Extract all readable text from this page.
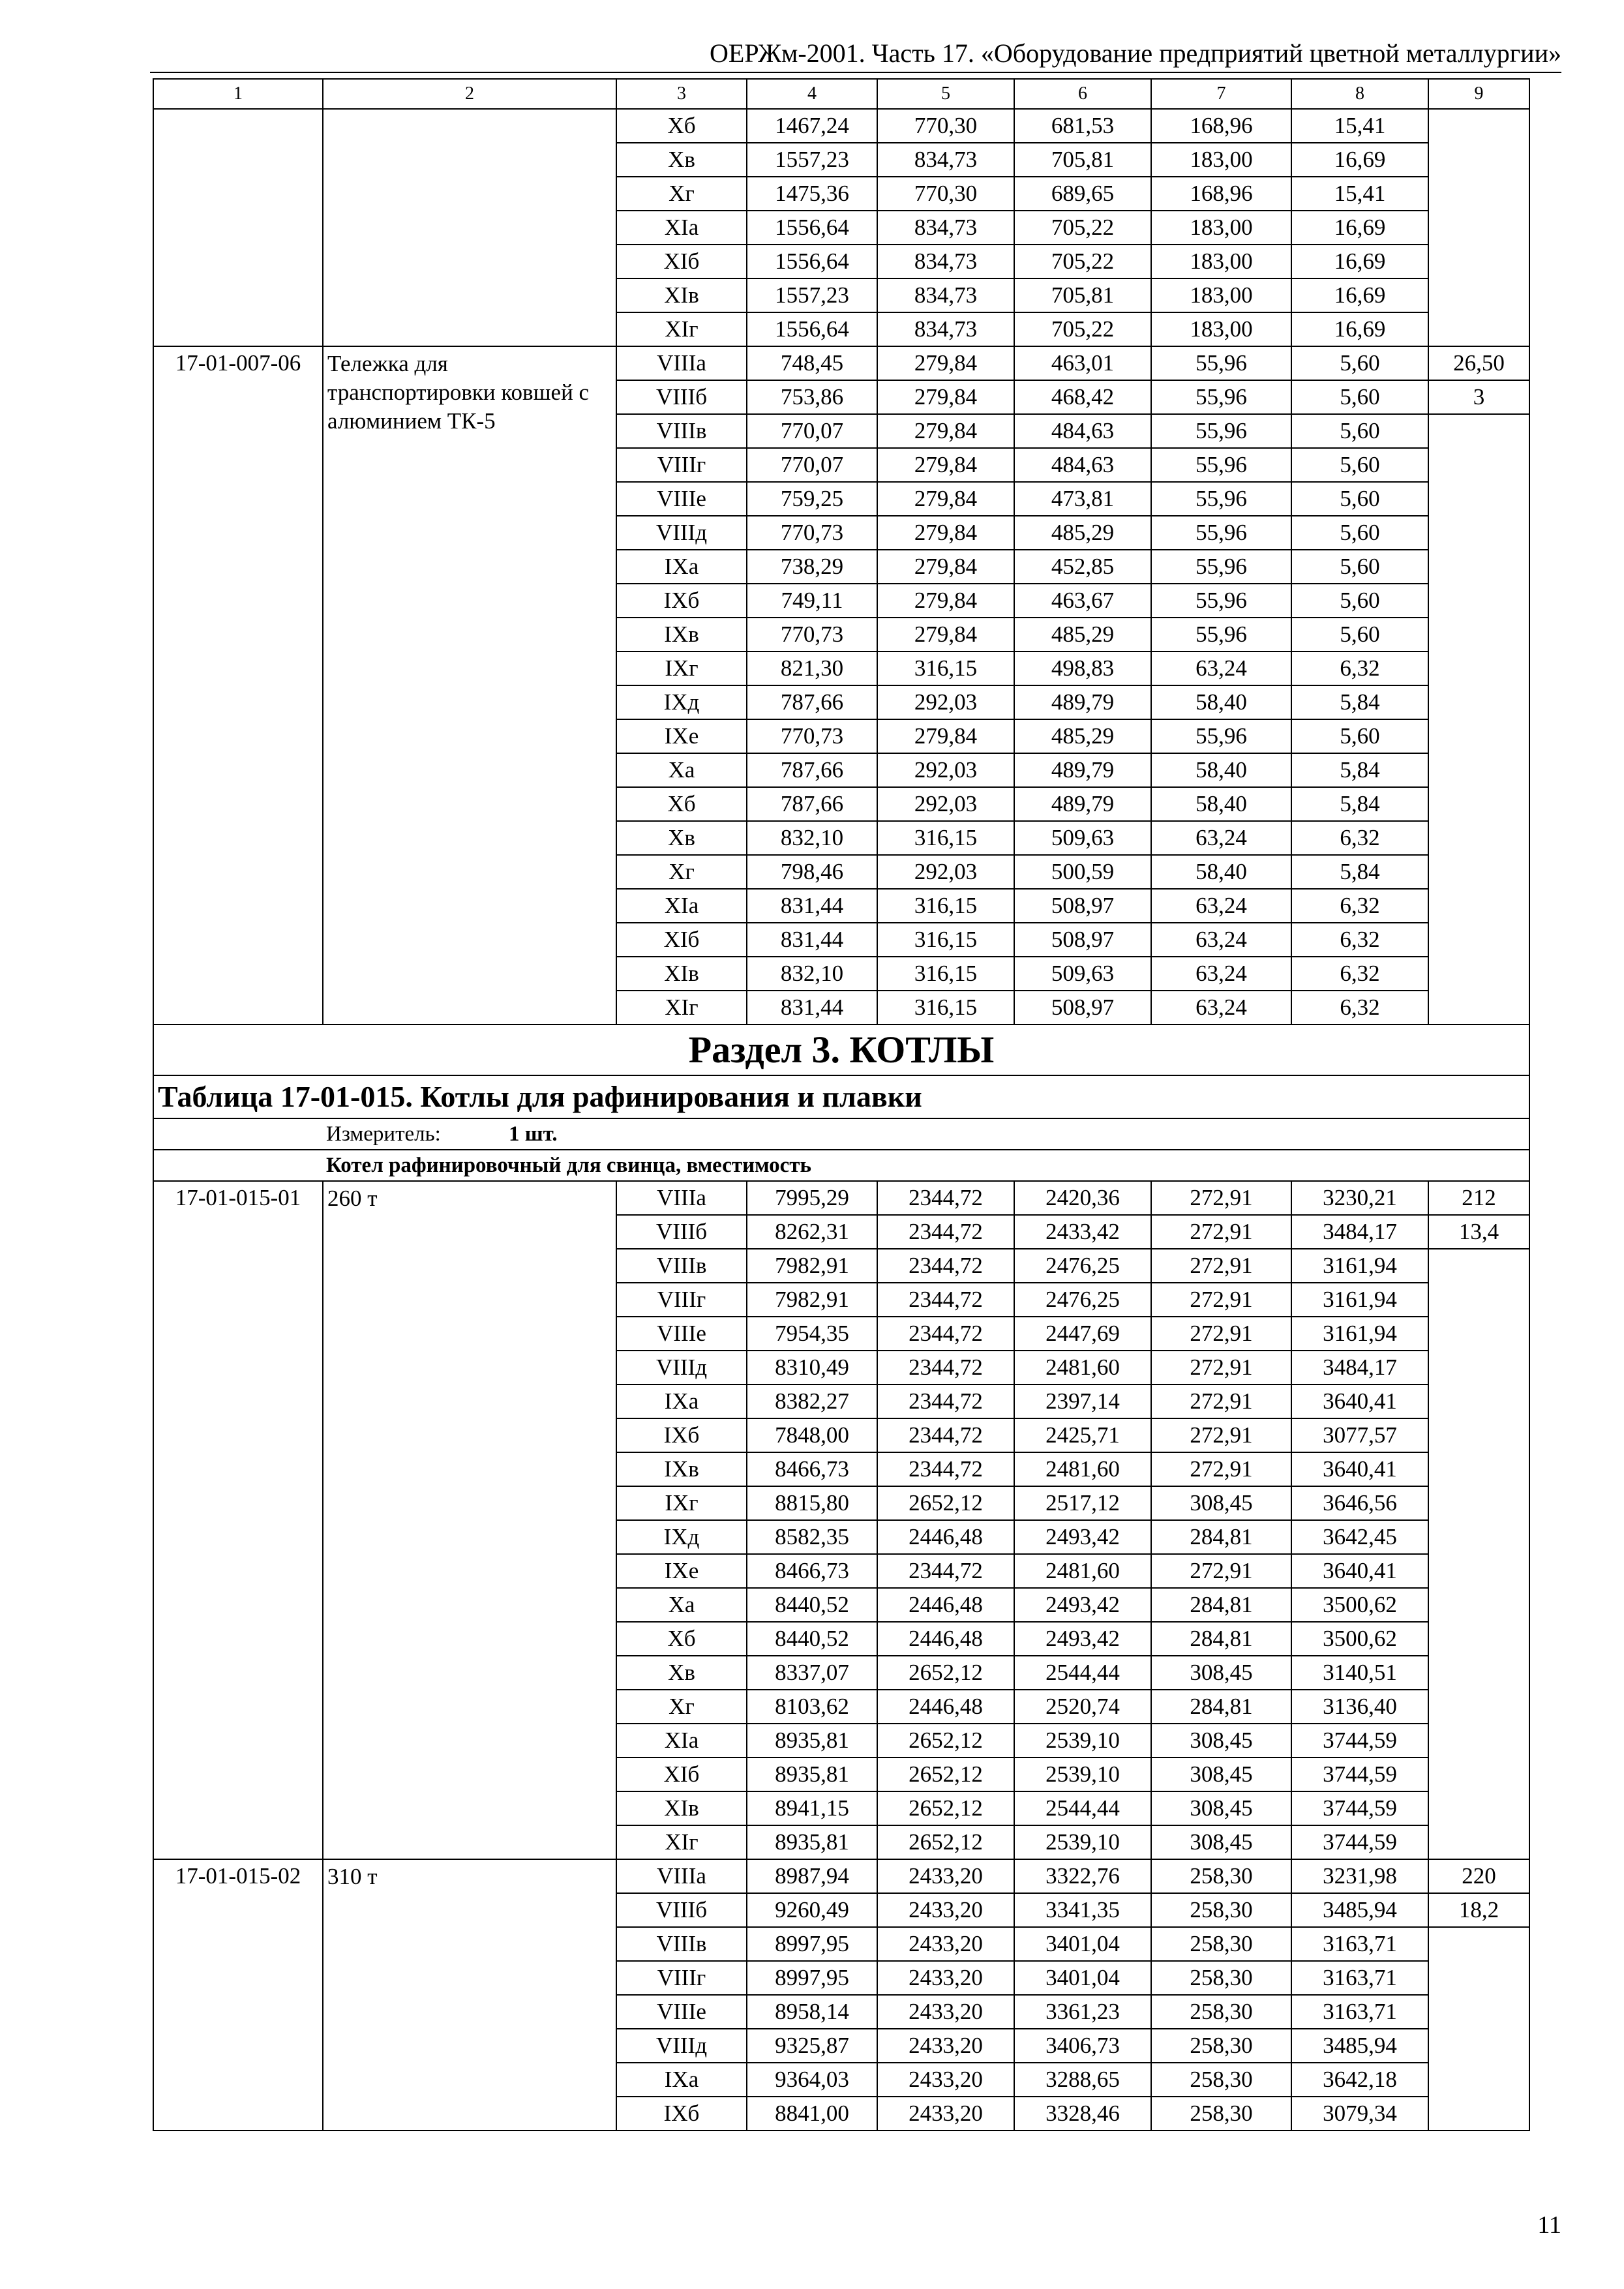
ОЕРЖм-2001. Часть 17. «Оборудование предприятий цветной металлургии»
1	2	3	4	5	6	7	8	9
		Xб	1467,24	770,30	681,53	168,96	15,41	
		Xв	1557,23	834,73	705,81	183,00	16,69	
		Xг	1475,36	770,30	689,65	168,96	15,41	
		XIа	1556,64	834,73	705,22	183,00	16,69	
		XIб	1556,64	834,73	705,22	183,00	16,69	
		XIв	1557,23	834,73	705,81	183,00	16,69	
		XIг	1556,64	834,73	705,22	183,00	16,69	
17-01-007-06	Тележка для транспортировки ковшей с алюминием ТК-5	VIIIа	748,45	279,84	463,01	55,96	5,60	26,50
		VIIIб	753,86	279,84	468,42	55,96	5,60	3
		VIIIв	770,07	279,84	484,63	55,96	5,60	
		VIIIг	770,07	279,84	484,63	55,96	5,60	
		VIIIе	759,25	279,84	473,81	55,96	5,60	
		VIIIд	770,73	279,84	485,29	55,96	5,60	
		IXа	738,29	279,84	452,85	55,96	5,60	
		IXб	749,11	279,84	463,67	55,96	5,60	
		IXв	770,73	279,84	485,29	55,96	5,60	
		IXг	821,30	316,15	498,83	63,24	6,32	
		IXд	787,66	292,03	489,79	58,40	5,84	
		IXе	770,73	279,84	485,29	55,96	5,60	
		Xа	787,66	292,03	489,79	58,40	5,84	
		Xб	787,66	292,03	489,79	58,40	5,84	
		Xв	832,10	316,15	509,63	63,24	6,32	
		Xг	798,46	292,03	500,59	58,40	5,84	
		XIа	831,44	316,15	508,97	63,24	6,32	
		XIб	831,44	316,15	508,97	63,24	6,32	
		XIв	832,10	316,15	509,63	63,24	6,32	
		XIг	831,44	316,15	508,97	63,24	6,32	
Раздел 3. КОТЛЫ								
Таблица 17-01-015. Котлы для рафинирования и плавки								
Измеритель: 1 шт.								
Котел рафинировочный для свинца, вместимость								
17-01-015-01	260 т	VIIIа	7995,29	2344,72	2420,36	272,91	3230,21	212
		VIIIб	8262,31	2344,72	2433,42	272,91	3484,17	13,4
		VIIIв	7982,91	2344,72	2476,25	272,91	3161,94	
		VIIIг	7982,91	2344,72	2476,25	272,91	3161,94	
		VIIIе	7954,35	2344,72	2447,69	272,91	3161,94	
		VIIIд	8310,49	2344,72	2481,60	272,91	3484,17	
		IXа	8382,27	2344,72	2397,14	272,91	3640,41	
		IXб	7848,00	2344,72	2425,71	272,91	3077,57	
		IXв	8466,73	2344,72	2481,60	272,91	3640,41	
		IXг	8815,80	2652,12	2517,12	308,45	3646,56	
		IXд	8582,35	2446,48	2493,42	284,81	3642,45	
		IXе	8466,73	2344,72	2481,60	272,91	3640,41	
		Xа	8440,52	2446,48	2493,42	284,81	3500,62	
		Xб	8440,52	2446,48	2493,42	284,81	3500,62	
		Xв	8337,07	2652,12	2544,44	308,45	3140,51	
		Xг	8103,62	2446,48	2520,74	284,81	3136,40	
		XIа	8935,81	2652,12	2539,10	308,45	3744,59	
		XIб	8935,81	2652,12	2539,10	308,45	3744,59	
		XIв	8941,15	2652,12	2544,44	308,45	3744,59	
		XIг	8935,81	2652,12	2539,10	308,45	3744,59	
17-01-015-02	310 т	VIIIа	8987,94	2433,20	3322,76	258,30	3231,98	220
		VIIIб	9260,49	2433,20	3341,35	258,30	3485,94	18,2
		VIIIв	8997,95	2433,20	3401,04	258,30	3163,71	
		VIIIг	8997,95	2433,20	3401,04	258,30	3163,71	
		VIIIе	8958,14	2433,20	3361,23	258,30	3163,71	
		VIIIд	9325,87	2433,20	3406,73	258,30	3485,94	
		IXа	9364,03	2433,20	3288,65	258,30	3642,18	
		IXб	8841,00	2433,20	3328,46	258,30	3079,34	
11
